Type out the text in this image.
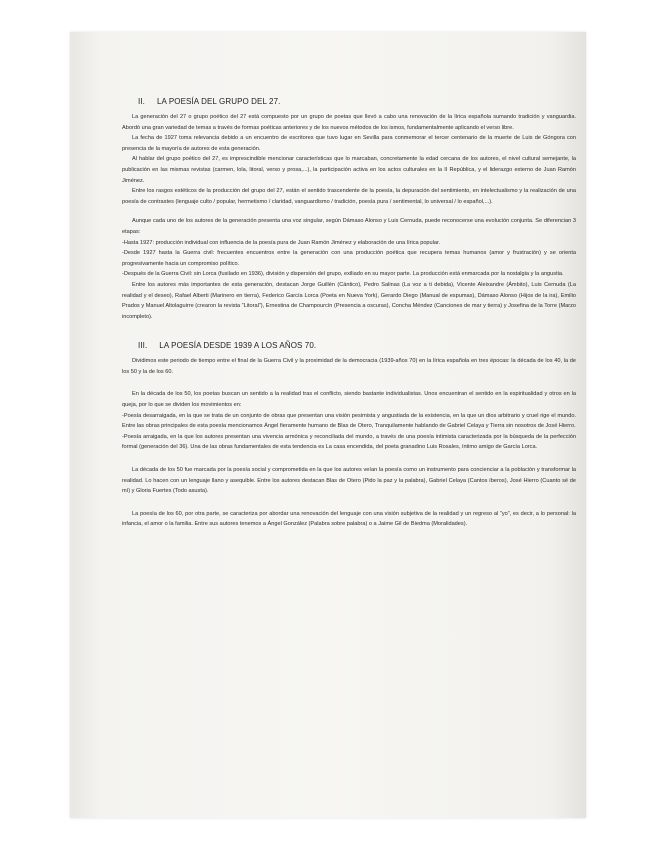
II. LA POESÍA DEL GRUPO DEL 27.

La generación del 27 o grupo poético del 27 está compuesto por un grupo de poetas que llevó a cabo una renovación de la lírica española sumando tradición y vanguardia. Abordó una gran variedad de temas a través de formas poéticas anteriores y de los nuevos métodos de los ismos, fundamentalmente aplicando el verso libre.

La fecha de 1927 toma relevancia debido a un encuentro de escritores que tuvo lugar en Sevilla para conmemorar el tercer centenario de la muerte de Luis de Góngora con presencia de la mayoría de autores de esta generación.

Al hablar del grupo poético del 27, es imprescindible mencionar características que lo marcaban, concretamente la edad cercana de los autores, el nivel cultural semejante, la publicación en las mismas revistas (carmen, lola, litoral, verso y prosa,...), la participación activa en los actos culturales en la II República, y el liderazgo externo de Juan Ramón Jiménez.

Entre los rasgos estéticos de la producción del grupo del 27, están el sentido trascendente de la poesía, la depuración del sentimiento, en intelectualismo y la realización de una poesía de contrastes (lenguaje culto / popular, hermetismo / claridad, vanguardismo / tradición, poesía pura / sentimental, lo universal / lo español,...).

Aunque cada uno de los autores de la generación presenta una voz singular, según Dámaso Alonso y Luis Cernuda, puede reconocerse una evolución conjunta. Se diferencian 3 etapas:

-Hasta 1927: producción individual con influencia de la poesía pura de Juan Ramón Jiménez y elaboración de una lírica popular.

-Desde 1927 hasta la Guerra civil: frecuentes encuentros entre la generación con una producción poética que recupera temas humanos (amor y frustración) y se orienta progresivamente hacia un compromiso político.

-Después de la Guerra Civil: sin Lorca (fusilado en 1936), división y dispersión del grupo, exiliado en su mayor parte. La producción está enmarcada por la nostalgia y la angustia.

Entre los autores más importantes de esta generación, destacan Jorge Guillén (Cántico), Pedro Salinas (La voz a ti debida), Vicente Aleixandre (Ámbito), Luis Cernuda (La realidad y el deseo), Rafael Alberti (Marinero en tierra), Federico García Lorca (Poeta en Nueva York), Gerardo Diego (Manual de espumas), Dámaso Alonso (Hijos de la ira), Emilio Prados y Manuel Altolaguirre (crearon la revista “Litoral”), Ernestina de Champourcín (Presencia a oscuras), Concha Méndez (Canciones de mar y tierra) y Josefina de la Torre (Marzo incompleto).

III. LA POESÍA DESDE 1939 A LOS AÑOS 70.

Dividimos este periodo de tiempo entre el final de la Guerra Civil y la proximidad de la democracia (1939-años 70) en la lírica española en tres épocas: la década de los 40, la de los 50 y la de los 60.

En la década de los 50, los poetas buscan un sentido a la realidad tras el conflicto, siendo bastante individualistas. Unos encuentran el sentido en la espiritualidad y otros en la queja, por lo que se dividen los movimientos en:

-Poesía desarraigada, en la que se trata de un conjunto de obras que presentan una visión pesimista y angustiada de la existencia, en la que un dios arbitrario y cruel rige el mundo. Entre las obras principales de esta poesía mencionamos Ángel fieramente humano de Blas de Otero, Tranquilamente hablando de Gabriel Celaya y Tierra sin nosotros de José Hierro.

-Poesía arraigada, en la que los autores presentan una vivencia armónica y reconciliada del mundo, a través de una poesía intimista caracterizada por la búsqueda de la perfección formal (generación del 36). Una de las obras fundamentales de esta tendencia es La casa encendida, del poeta granadino Luis Rosales, íntimo amigo de García Lorca.

La década de los 50 fue marcada por la poesía social y comprometida en la que los autores veían la poesía como un instrumento para concienciar a la población y transformar la realidad. Lo hacen con un lenguaje llano y asequible. Entre los autores destacan Blas de Otero (Pido la paz y la palabra), Gabriel Celaya (Cantos íberos), José Hierro (Cuanto sé de mí) y Gloria Fuertes (Todo asusta).

La poesía de los 60, por otra parte, se caracteriza por abordar una renovación del lenguaje con una visión subjetiva de la realidad y un regreso al “yo”, es decir, a lo personal: la infancia, el amor o la familia. Entre sus autores tenemos a Ángel González (Palabra sobre palabra) o a Jaime Gil de Biedma (Moralidades).
